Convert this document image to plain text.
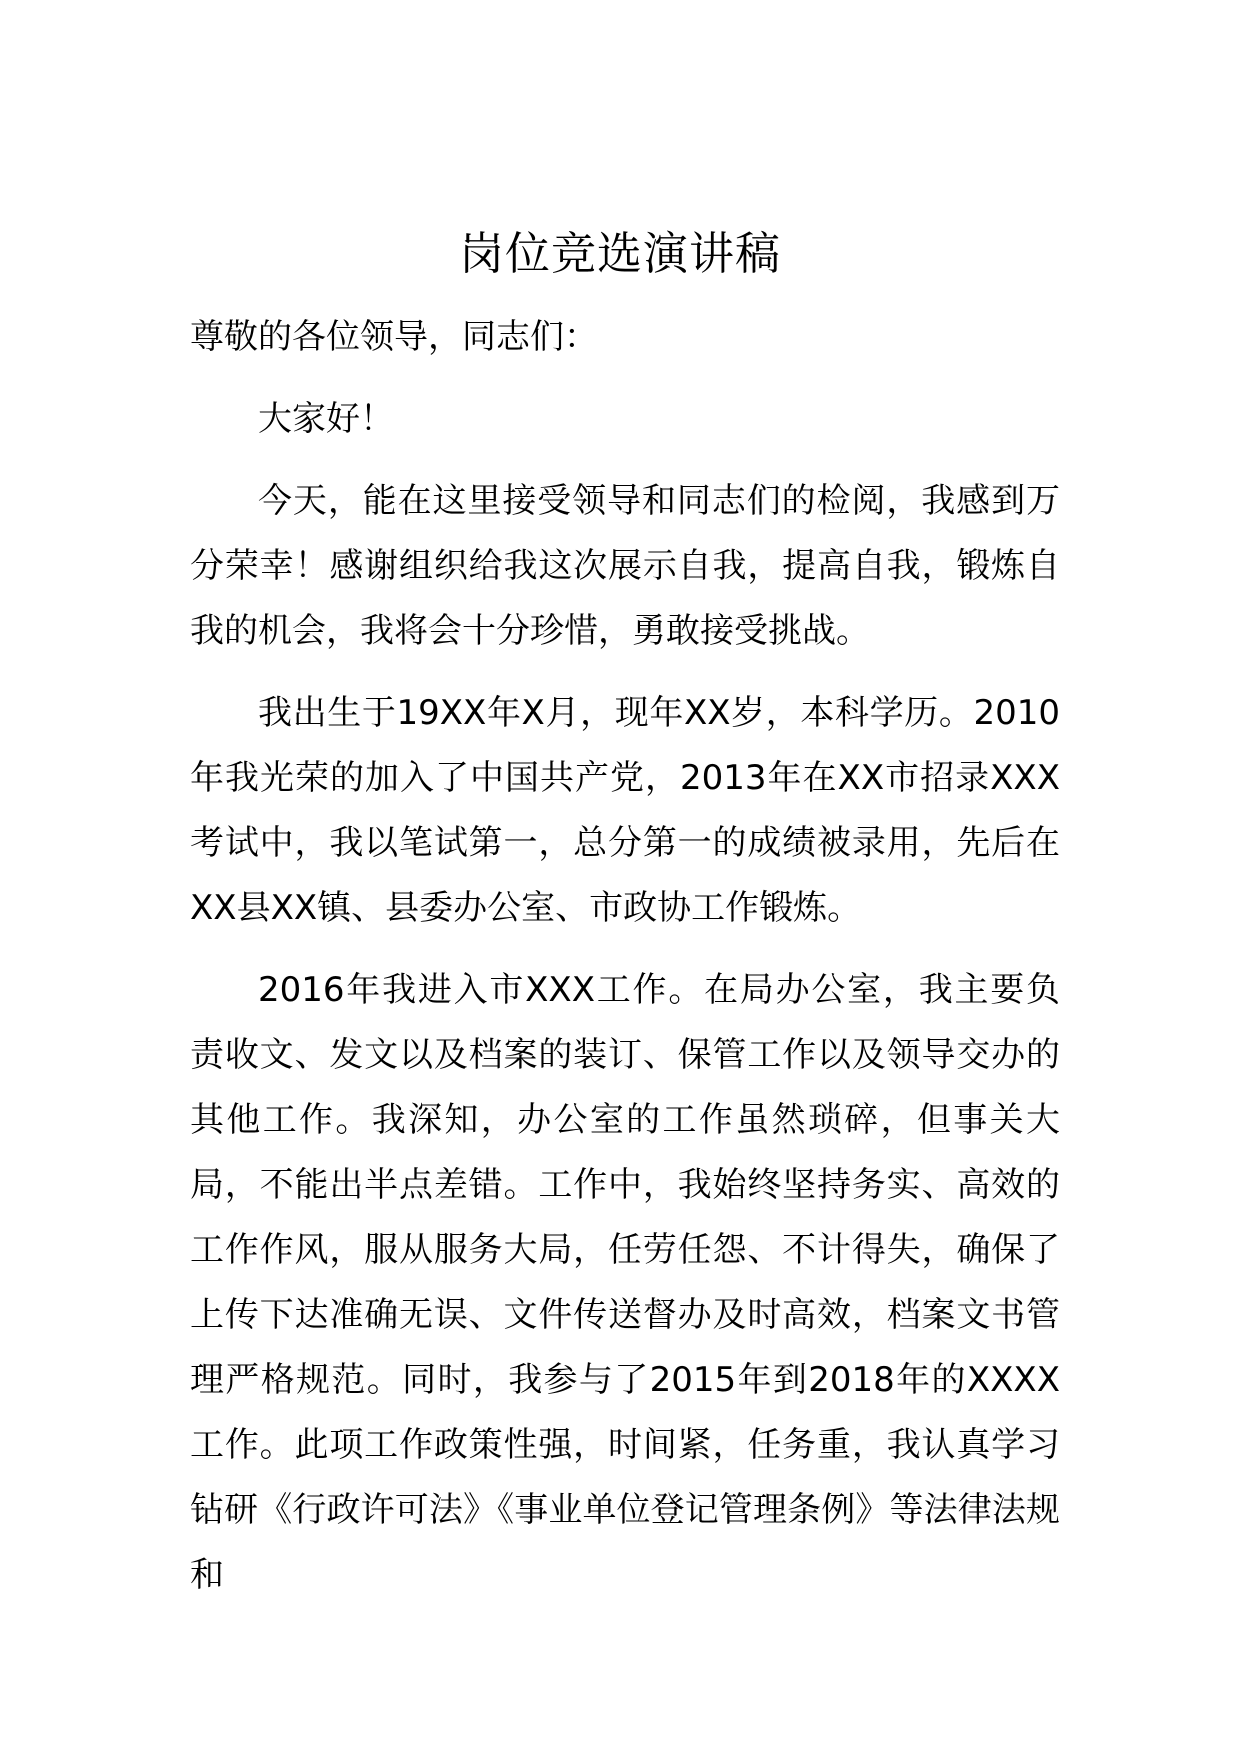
岗位竞选演讲稿

尊敬的各位领导，同志们：

大家好！

今天，能在这里接受领导和同志们的检阅，我感到万分荣幸！感谢组织给我这次展示自我，提高自我，锻炼自我的机会，我将会十分珍惜，勇敢接受挑战。

我出生于19XX年X月，现年XX岁，本科学历。2010年我光荣的加入了中国共产党，2013年在XX市招录XXX考试中，我以笔试第一，总分第一的成绩被录用，先后在XX县XX镇、县委办公室、市政协工作锻炼。

2016年我进入市XXX工作。在局办公室，我主要负责收文、发文以及档案的装订、保管工作以及领导交办的其他工作。我深知，办公室的工作虽然琐碎，但事关大局，不能出半点差错。工作中，我始终坚持务实、高效的工作作风，服从服务大局，任劳任怨、不计得失，确保了上传下达准确无误、文件传送督办及时高效，档案文书管理严格规范。同时，我参与了2015年到2018年的XXXX工作。此项工作政策性强，时间紧，任务重，我认真学习钻研《行政许可法》《事业单位登记管理条例》等法律法规和
